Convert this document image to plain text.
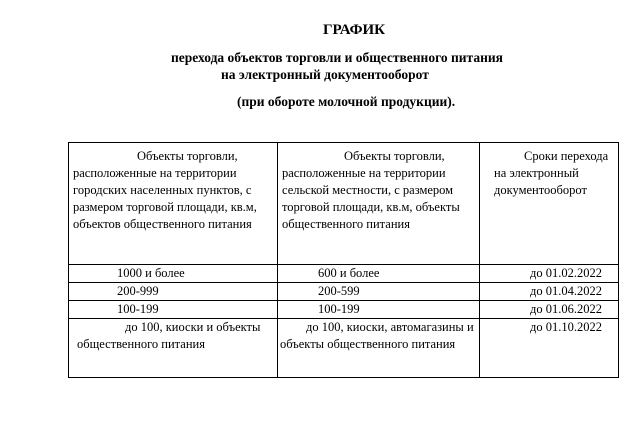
ГРАФИК
перехода объектов торговли и общественного питания
на электронный документооборот
(при обороте молочной продукции).
Объекты торговли, расположенные на территории городских населенных пунктов, с размером торговой площади, кв.м, объектов общественного питания	Объекты торговли, расположенные на территории сельской местности, с размером торговой площади, кв.м, объекты общественного питания	Сроки перехода на электронный документооборот

1000 и более	600 и более	до 01.02.2022
200-999	200-599	до 01.04.2022
100-199	100-199	до 01.06.2022
до 100, киоски и объекты общественного питания	до 100, киоски, автомагазины и объекты общественного питания	до 01.10.2022
